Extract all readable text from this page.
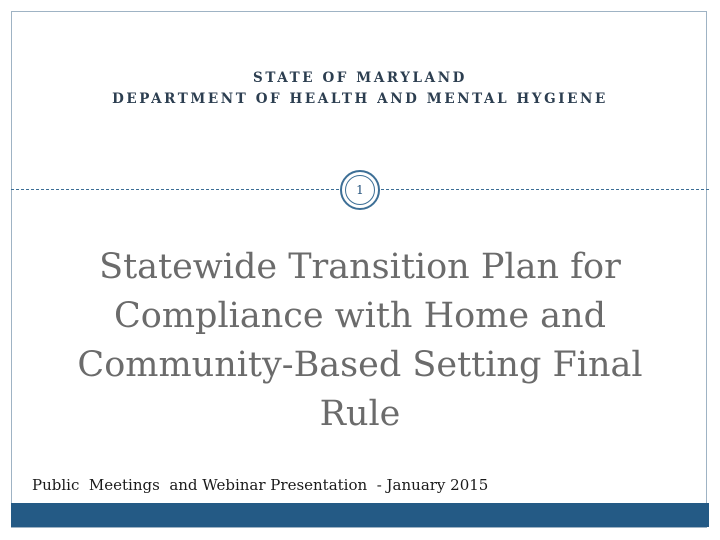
STATE OF MARYLAND
DEPARTMENT OF HEALTH AND MENTAL HYGIENE
1
Statewide Transition Plan for Compliance with Home and Community-Based Setting Final Rule
Public  Meetings  and Webinar Presentation  - January 2015
